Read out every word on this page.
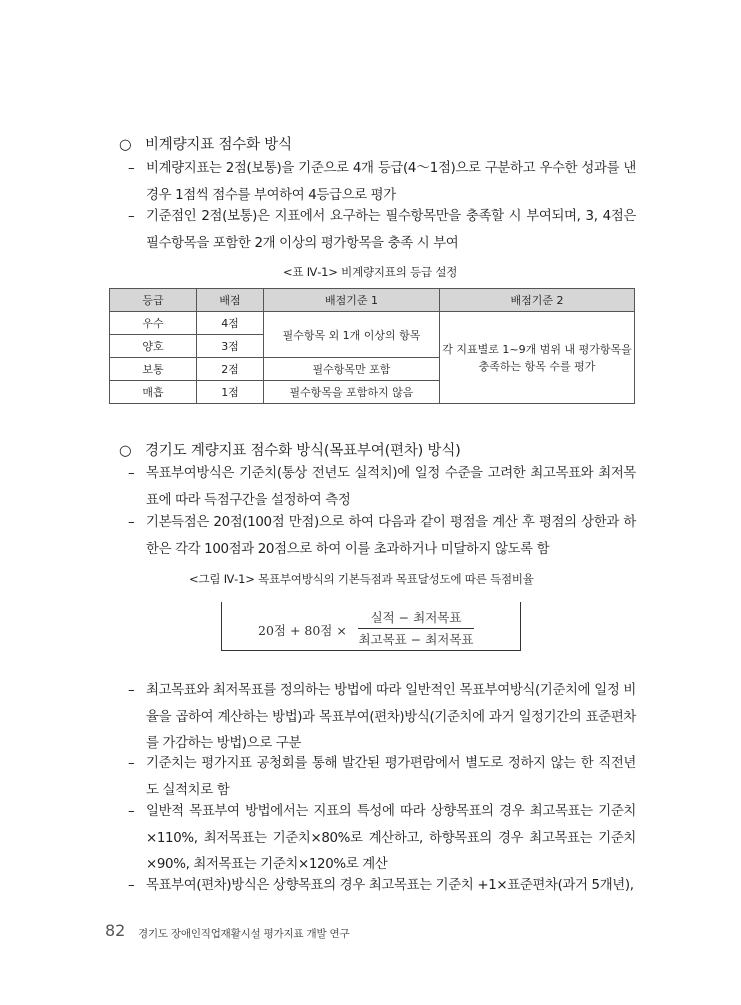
○ 비계량지표 점수화 방식
– 비계량지표는 2점(보통)을 기준으로 4개 등급(4～1점)으로 구분하고 우수한 성과를 낸 경우 1점씩 점수를 부여하여 4등급으로 평가
– 기준점인 2점(보통)은 지표에서 요구하는 필수항목만을 충족할 시 부여되며, 3, 4점은 필수항목을 포함한 2개 이상의 평가항목을 충족 시 부여
<표 Ⅳ-1> 비계량지표의 등급 설정
등급	배점	배점기준 1	배점기준 2
우수	4점	필수항목 외 1개 이상의 항목	각 지표별로 1~9개 범위 내 평가항목을
충족하는 항목 수를 평가
양호	3점		
보통	2점	필수항목만 포함	
매흡	1점	필수항목을 포함하지 않음	
○ 경기도 계량지표 점수화 방식(목표부여(편차) 방식)
– 목표부여방식은 기준치(통상 전년도 실적치)에 일정 수준을 고려한 최고목표와 최저목표에 따라 득점구간을 설정하여 측정
– 기본득점은 20점(100점 만점)으로 하여 다음과 같이 평점을 계산 후 평점의 상한과 하한은 각각 100점과 20점으로 하여 이를 초과하거나 미달하지 않도록 함
<그림 Ⅳ-1> 목표부여방식의 기본득점과 목표달성도에 따른 득점비율
20점 + 80점 ×
실적 − 최저목표
최고목표 − 최저목표
– 최고목표와 최저목표를 정의하는 방법에 따라 일반적인 목표부여방식(기준치에 일정 비율을 곱하여 계산하는 방법)과 목표부여(편차)방식(기준치에 과거 일정기간의 표준편차를 가감하는 방법)으로 구분
– 기준치는 평가지표 공청회를 통해 발간된 평가편람에서 별도로 정하지 않는 한 직전년도 실적치로 함
– 일반적 목표부여 방법에서는 지표의 특성에 따라 상향목표의 경우 최고목표는 기준치 ×110%, 최저목표는 기준치×80%로 계산하고, 하향목표의 경우 최고목표는 기준치 ×90%, 최저목표는 기준치×120%로 계산
– 목표부여(편차)방식은 상향목표의 경우 최고목표는 기준치 +1×표준편차(과거 5개년),
82 경기도 장애인직업재활시설 평가지표 개발 연구
